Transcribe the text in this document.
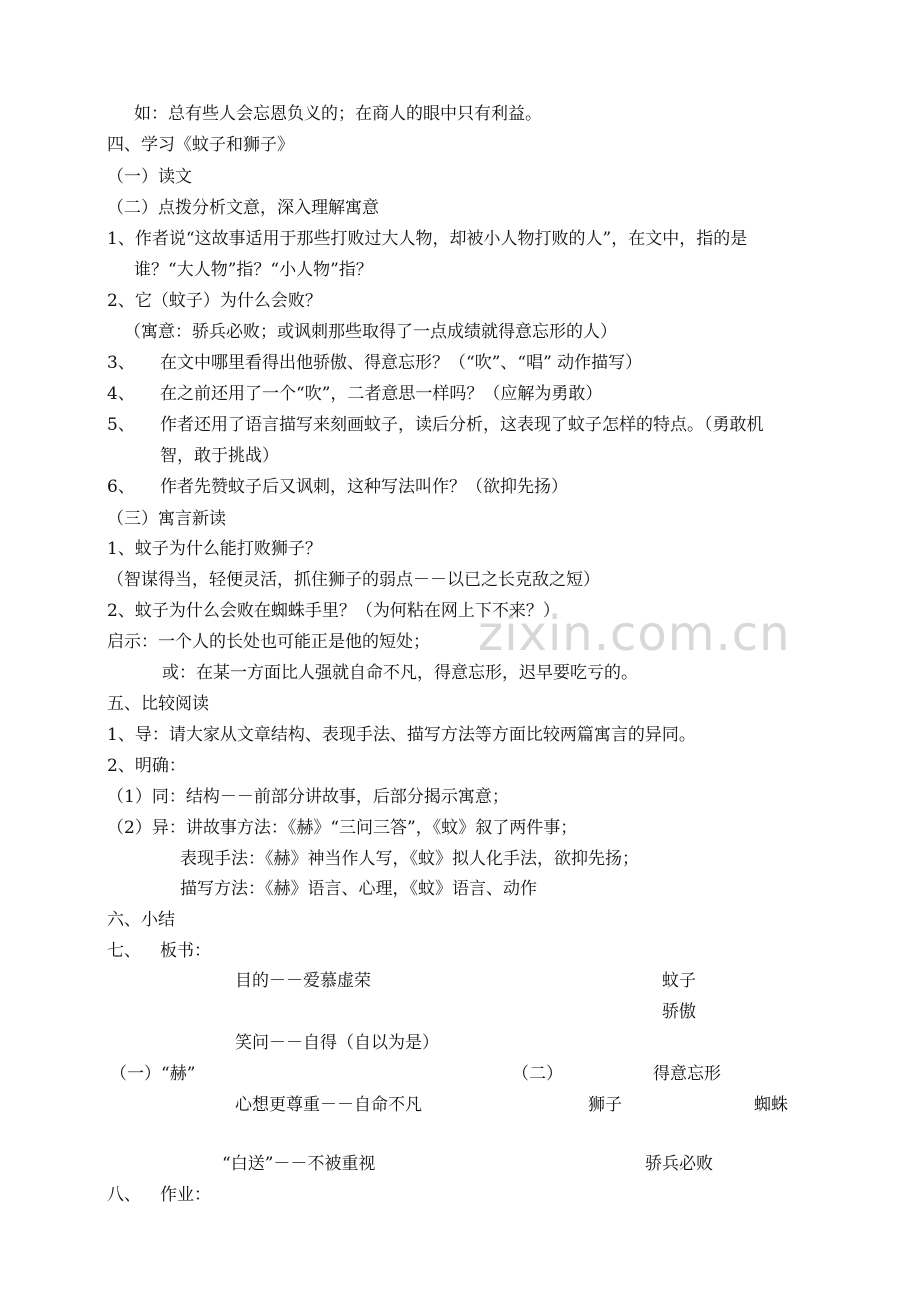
zixin.com.cn
如：总有些人会忘恩负义的；在商人的眼中只有利益。
四、学习《蚊子和狮子》
（一）读文
（二）点拨分析文意，深入理解寓意
1、作者说“这故事适用于那些打败过大人物，却被小人物打败的人”，在文中，指的是
谁？“大人物”指？“小人物”指？
2、它（蚊子）为什么会败？
（寓意：骄兵必败；或讽刺那些取得了一点成绩就得意忘形的人）
3、 在文中哪里看得出他骄傲、得意忘形？（“吹”、“唱” 动作描写）
4、 在之前还用了一个“吹”，二者意思一样吗？（应解为勇敢）
5、 作者还用了语言描写来刻画蚊子，读后分析，这表现了蚊子怎样的特点。（勇敢机
智，敢于挑战）
6、 作者先赞蚊子后又讽刺，这种写法叫作？（欲抑先扬）
（三）寓言新读
1、蚊子为什么能打败狮子？
（智谋得当，轻便灵活，抓住狮子的弱点－－以已之长克敌之短）
2、蚊子为什么会败在蜘蛛手里？（为何粘在网上下不来？）
启示：一个人的长处也可能正是他的短处；
或：在某一方面比人强就自命不凡，得意忘形，迟早要吃亏的。
五、比较阅读
1、导：请大家从文章结构、表现手法、描写方法等方面比较两篇寓言的异同。
2、明确：
（1）同：结构－－前部分讲故事，后部分揭示寓意；
（2）异：讲故事方法：《赫》“三问三答”，《蚊》叙了两件事；
表现手法：《赫》神当作人写，《蚊》拟人化手法，欲抑先扬；
描写方法：《赫》语言、心理，《蚊》语言、动作
六、小结
七、 板书：
目的－－爱慕虚荣	蚊子
骄傲
笑问－－自得（自以为是）
（一）“赫”	（二）	得意忘形
心想更尊重－－自命不凡	狮子	蜘蛛
“白送”－－不被重视	骄兵必败
八、 作业：
